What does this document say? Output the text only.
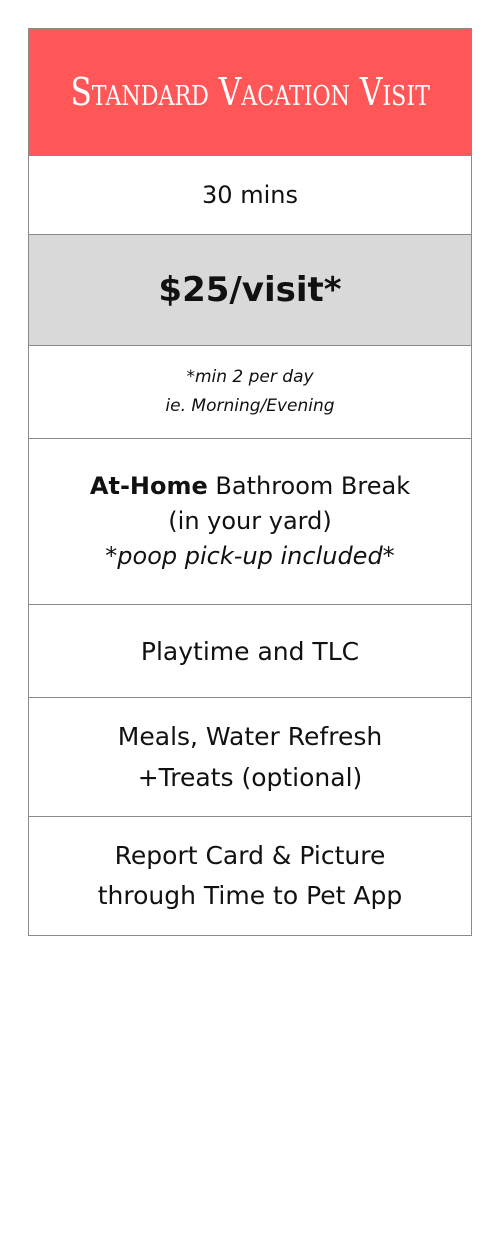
Standard Vacation Visit
30 mins
$25/visit*
*min 2 per day
ie. Morning/Evening
At-Home Bathroom Break
(in your yard)
*poop pick-up included*
Playtime and TLC
Meals, Water Refresh
+Treats (optional)
Report Card & Picture
through Time to Pet App
